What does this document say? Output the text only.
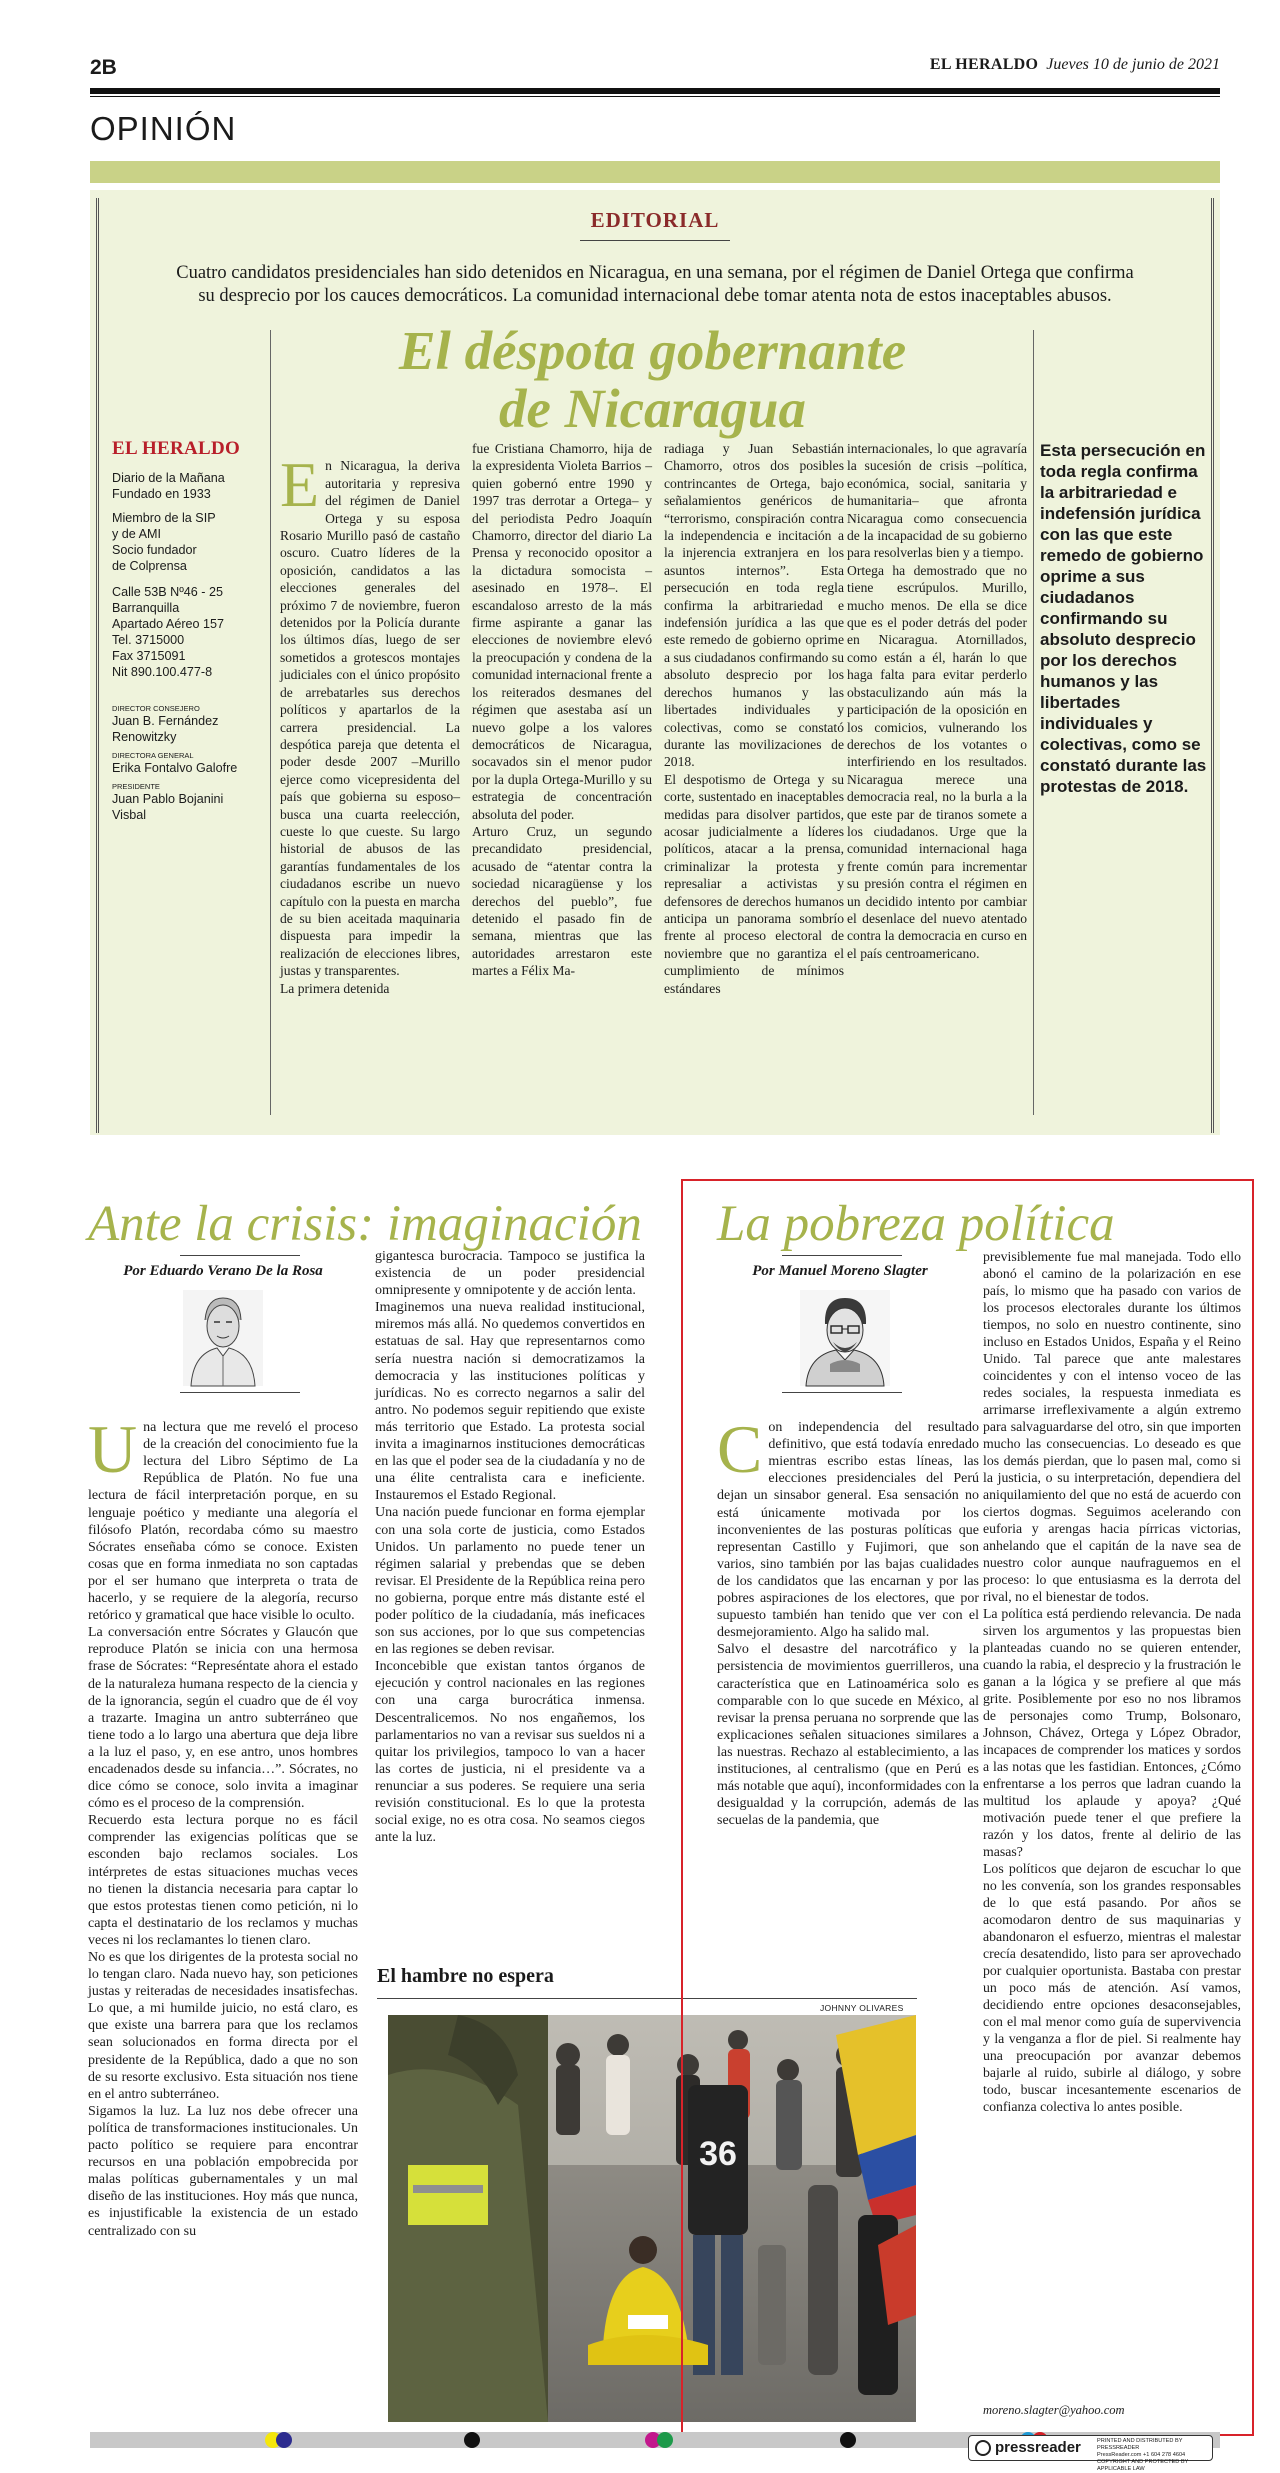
2B	EL HERALDO Jueves 10 de junio de 2021
OPINIÓN
EDITORIAL
Cuatro candidatos presidenciales han sido detenidos en Nicaragua, en una semana, por el régimen de Daniel Ortega que confirma su desprecio por los cauces democráticos. La comunidad internacional debe tomar atenta nota de estos inaceptables abusos.
El déspota gobernante
de Nicaragua
EL HERALDO
Diario de la Mañana
Fundado en 1933
Miembro de la SIP
y de AMI
Socio fundador
de Colprensa
Calle 53B Nº46 - 25
Barranquilla
Apartado Aéreo 157
Tel. 3715000
Fax 3715091
Nit 890.100.477-8
DIRECTOR CONSEJERO
Juan B. Fernández
Renowitzky
DIRECTORA GENERAL
Erika Fontalvo Galofre
PRESIDENTE
Juan Pablo Bojanini
Visbal

En Nicaragua, la deriva autoritaria y represiva del régimen de Daniel Ortega y su esposa Rosario Murillo pasó de castaño oscuro. Cuatro líderes de la oposición, candidatos a las elecciones generales del próximo 7 de noviembre, fueron detenidos por la Policía durante los últimos días, luego de ser sometidos a grotescos montajes judiciales con el único propósito de arrebatarles sus derechos políticos y apartarlos de la carrera presidencial. La despótica pareja que detenta el poder desde 2007 –Murillo ejerce como vicepresidenta del país que gobierna su esposo– busca una cuarta reelección, cueste lo que cueste. Su largo historial de abusos de las garantías fundamentales de los ciudadanos escribe un nuevo capítulo con la puesta en marcha de su bien aceitada maquinaria dispuesta para impedir la realización de elecciones libres, justas y transparentes.
La primera detenida

fue Cristiana Chamorro, hija de la expresidenta Violeta Barrios –quien gobernó entre 1990 y 1997 tras derrotar a Ortega– y del periodista Pedro Joaquín Chamorro, director del diario La Prensa y reconocido opositor a la dictadura somocista –asesinado en 1978–. El escandaloso arresto de la más firme aspirante a ganar las elecciones de noviembre elevó la preocupación y condena de la comunidad internacional frente a los reiterados desmanes del régimen que asestaba así un nuevo golpe a los valores democráticos de Nicaragua, socavados sin el menor pudor por la dupla Ortega-Murillo y su estrategia de concentración absoluta del poder.
Arturo Cruz, un segundo precandidato presidencial, acusado de “atentar contra la sociedad nicaragüense y los derechos del pueblo”, fue detenido el pasado fin de semana, mientras que las autoridades arrestaron este martes a Félix Ma-
radiaga y Juan Sebastián Chamorro, otros dos posibles contrincantes de Ortega, bajo señalamientos genéricos de “terrorismo, conspiración contra la independencia e incitación a la injerencia extranjera en los asuntos internos”. Esta persecución en toda regla confirma la arbitrariedad e indefensión jurídica a las que este remedo de gobierno oprime a sus ciudadanos confirmando su absoluto desprecio por los derechos humanos y las libertades individuales y colectivas, como se constató durante las movilizaciones de 2018.
El despotismo de Ortega y su corte, sustentado en inaceptables medidas para disolver partidos, acosar judicialmente a líderes políticos, atacar a la prensa, criminalizar la protesta y represaliar a activistas y defensores de derechos humanos anticipa un panorama sombrío frente al proceso electoral de noviembre que no garantiza el cumplimiento de mínimos estándares
internacionales, lo que agravaría la sucesión de crisis –política, económica, social, sanitaria y humanitaria– que afronta Nicaragua como consecuencia de la incapacidad de su gobierno para resolverlas bien y a tiempo.
Ortega ha demostrado que no tiene escrúpulos. Murillo, mucho menos. De ella se dice que es el poder detrás del poder en Nicaragua. Atornillados, como están a él, harán lo que haga falta para evitar perderlo obstaculizando aún más la participación de la oposición en los comicios, vulnerando los derechos de los votantes o interfiriendo en los resultados. Nicaragua merece una democracia real, no la burla a la que este par de tiranos somete a los ciudadanos. Urge que la comunidad internacional haga frente común para incrementar su presión contra el régimen en un decidido intento por cambiar el desenlace del nuevo atentado contra la democracia en curso en el país centroamericano.
Esta persecución en toda regla confirma la arbitrariedad e indefensión jurídica con las que este remedo de gobierno oprime a sus ciudadanos confirmando su absoluto desprecio por los derechos humanos y las libertades individuales y colectivas, como se constató durante las protestas de 2018.
Ante la crisis: imaginación
Por Eduardo Verano De la Rosa

Una lectura que me reveló el proceso de la creación del conocimiento fue la lectura del Libro Séptimo de La República de Platón. No fue una lectura de fácil interpretación porque, en su lenguaje poético y mediante una alegoría el filósofo Platón, recordaba cómo su maestro Sócrates enseñaba cómo se conoce. Existen cosas que en forma inmediata no son captadas por el ser humano que interpreta o trata de hacerlo, y se requiere de la alegoría, recurso retórico y gramatical que hace visible lo oculto.
La conversación entre Sócrates y Glaucón que reproduce Platón se inicia con una hermosa frase de Sócrates: “Represéntate ahora el estado de la naturaleza humana respecto de la ciencia y de la ignorancia, según el cuadro que de él voy a trazarte. Imagina un antro subterráneo que tiene todo a lo largo una abertura que deja libre a la luz el paso, y, en ese antro, unos hombres encadenados desde su infancia…”. Sócrates, no dice cómo se conoce, solo invita a imaginar cómo es el proceso de la comprensión.
Recuerdo esta lectura porque no es fácil comprender las exigencias políticas que se esconden bajo reclamos sociales. Los intérpretes de estas situaciones muchas veces no tienen la distancia necesaria para captar lo que estos protestas tienen como petición, ni lo capta el destinatario de los reclamos y muchas veces ni los reclamantes lo tienen claro.
No es que los dirigentes de la protesta social no lo tengan claro. Nada nuevo hay, son peticiones justas y reiteradas de necesidades insatisfechas. Lo que, a mi humilde juicio, no está claro, es que existe una barrera para que los reclamos sean solucionados en forma directa por el presidente de la República, dado a que no son de su resorte exclusivo. Esta situación nos tiene en el antro subterráneo.
Sigamos la luz. La luz nos debe ofrecer una política de transformaciones institucionales. Un pacto político se requiere para encontrar recursos en una población empobrecida por malas políticas gubernamentales y un mal diseño de las instituciones. Hoy más que nunca, es injustificable la existencia de un estado centralizado con su

gigantesca burocracia. Tampoco se justifica la existencia de un poder presidencial omnipresente y omnipotente y de acción lenta.
Imaginemos una nueva realidad institucional, miremos más allá. No quedemos convertidos en estatuas de sal. Hay que representarnos como sería nuestra nación si democratizamos la democracia y las instituciones políticas y jurídicas. No es correcto negarnos a salir del antro. No podemos seguir repitiendo que existe más territorio que Estado. La protesta social invita a imaginarnos instituciones democráticas en las que el poder sea de la ciudadanía y no de una élite centralista cara e ineficiente. Instauremos el Estado Regional.
Una nación puede funcionar en forma ejemplar con una sola corte de justicia, como Estados Unidos. Un parlamento no puede tener un régimen salarial y prebendas que se deben revisar. El Presidente de la República reina pero no gobierna, porque entre más distante esté el poder político de la ciudadanía, más ineficaces son sus acciones, por lo que sus competencias en las regiones se deben revisar.
Inconcebible que existan tantos órganos de ejecución y control nacionales en las regiones con una carga burocrática inmensa. Descentralicemos. No nos engañemos, los parlamentarios no van a revisar sus sueldos ni a quitar los privilegios, tampoco lo van a hacer las cortes de justicia, ni el presidente va a renunciar a sus poderes. Se requiere una seria revisión constitucional. Es lo que la protesta social exige, no es otra cosa. No seamos ciegos ante la luz.
El hambre no espera
JOHNNY OLIVARES
36
La pobreza política
Por Manuel Moreno Slagter

Con independencia del resultado definitivo, que está todavía enredado mientras escribo estas líneas, las elecciones presidenciales del Perú dejan un sinsabor general. Esa sensación no está únicamente motivada por los inconvenientes de las posturas políticas que representan Castillo y Fujimori, que son varios, sino también por las bajas cualidades de los candidatos que las encarnan y por las pobres aspiraciones de los electores, que por supuesto también han tenido que ver con el desmejoramiento. Algo ha salido mal.
Salvo el desastre del narcotráfico y la persistencia de movimientos guerrilleros, una característica que en Latinoamérica solo es comparable con lo que sucede en México, al revisar la prensa peruana no sorprende que las explicaciones señalen situaciones similares a las nuestras. Rechazo al establecimiento, a las instituciones, al centralismo (que en Perú es más notable que aquí), inconformidades con la desigualdad y la corrupción, además de las secuelas de la pandemia, que

previsiblemente fue mal manejada. Todo ello abonó el camino de la polarización en ese país, lo mismo que ha pasado con varios de los procesos electorales durante los últimos tiempos, no solo en nuestro continente, sino incluso en Estados Unidos, España y el Reino Unido. Tal parece que ante malestares coincidentes y con el intenso voceo de las redes sociales, la respuesta inmediata es arrimarse irreflexivamente a algún extremo para salvaguardarse del otro, sin que importen mucho las consecuencias. Lo deseado es que los demás pierdan, que lo pasen mal, como si la justicia, o su interpretación, dependiera del aniquilamiento del que no está de acuerdo con ciertos dogmas. Seguimos acelerando con euforia y arengas hacia pírricas victorias, anhelando que el capitán de la nave sea de nuestro color aunque naufraguemos en el proceso: lo que entusiasma es la derrota del rival, no el bienestar de todos.
La política está perdiendo relevancia. De nada sirven los argumentos y las propuestas bien planteadas cuando no se quieren entender, cuando la rabia, el desprecio y la frustración le ganan a la lógica y se prefiere al que más grite. Posiblemente por eso no nos libramos de personajes como Trump, Bolsonaro, Johnson, Chávez, Ortega y López Obrador, incapaces de comprender los matices y sordos a las notas que les fastidian. Entonces, ¿Cómo enfrentarse a los perros que ladran cuando la multitud los aplaude y apoya? ¿Qué motivación puede tener el que prefiere la razón y los datos, frente al delirio de las masas?
Los políticos que dejaron de escuchar lo que no les convenía, son los grandes responsables de lo que está pasando. Por años se acomodaron dentro de sus maquinarias y abandonaron el esfuerzo, mientras el malestar crecía desatendido, listo para ser aprovechado por cualquier oportunista. Bastaba con prestar un poco más de atención. Así vamos, decidiendo entre opciones desaconsejables, con el mal menor como guía de supervivencia y la venganza a flor de piel. Si realmente hay una preocupación por avanzar debemos bajarle al ruido, subirle al diálogo, y sobre todo, buscar incesantemente escenarios de confianza colectiva lo antes posible.
moreno.slagter@yahoo.com
pressreader	PRINTED AND DISTRIBUTED BY PRESSREADER
PressReader.com +1 604 278 4604
COPYRIGHT AND PROTECTED BY APPLICABLE LAW
